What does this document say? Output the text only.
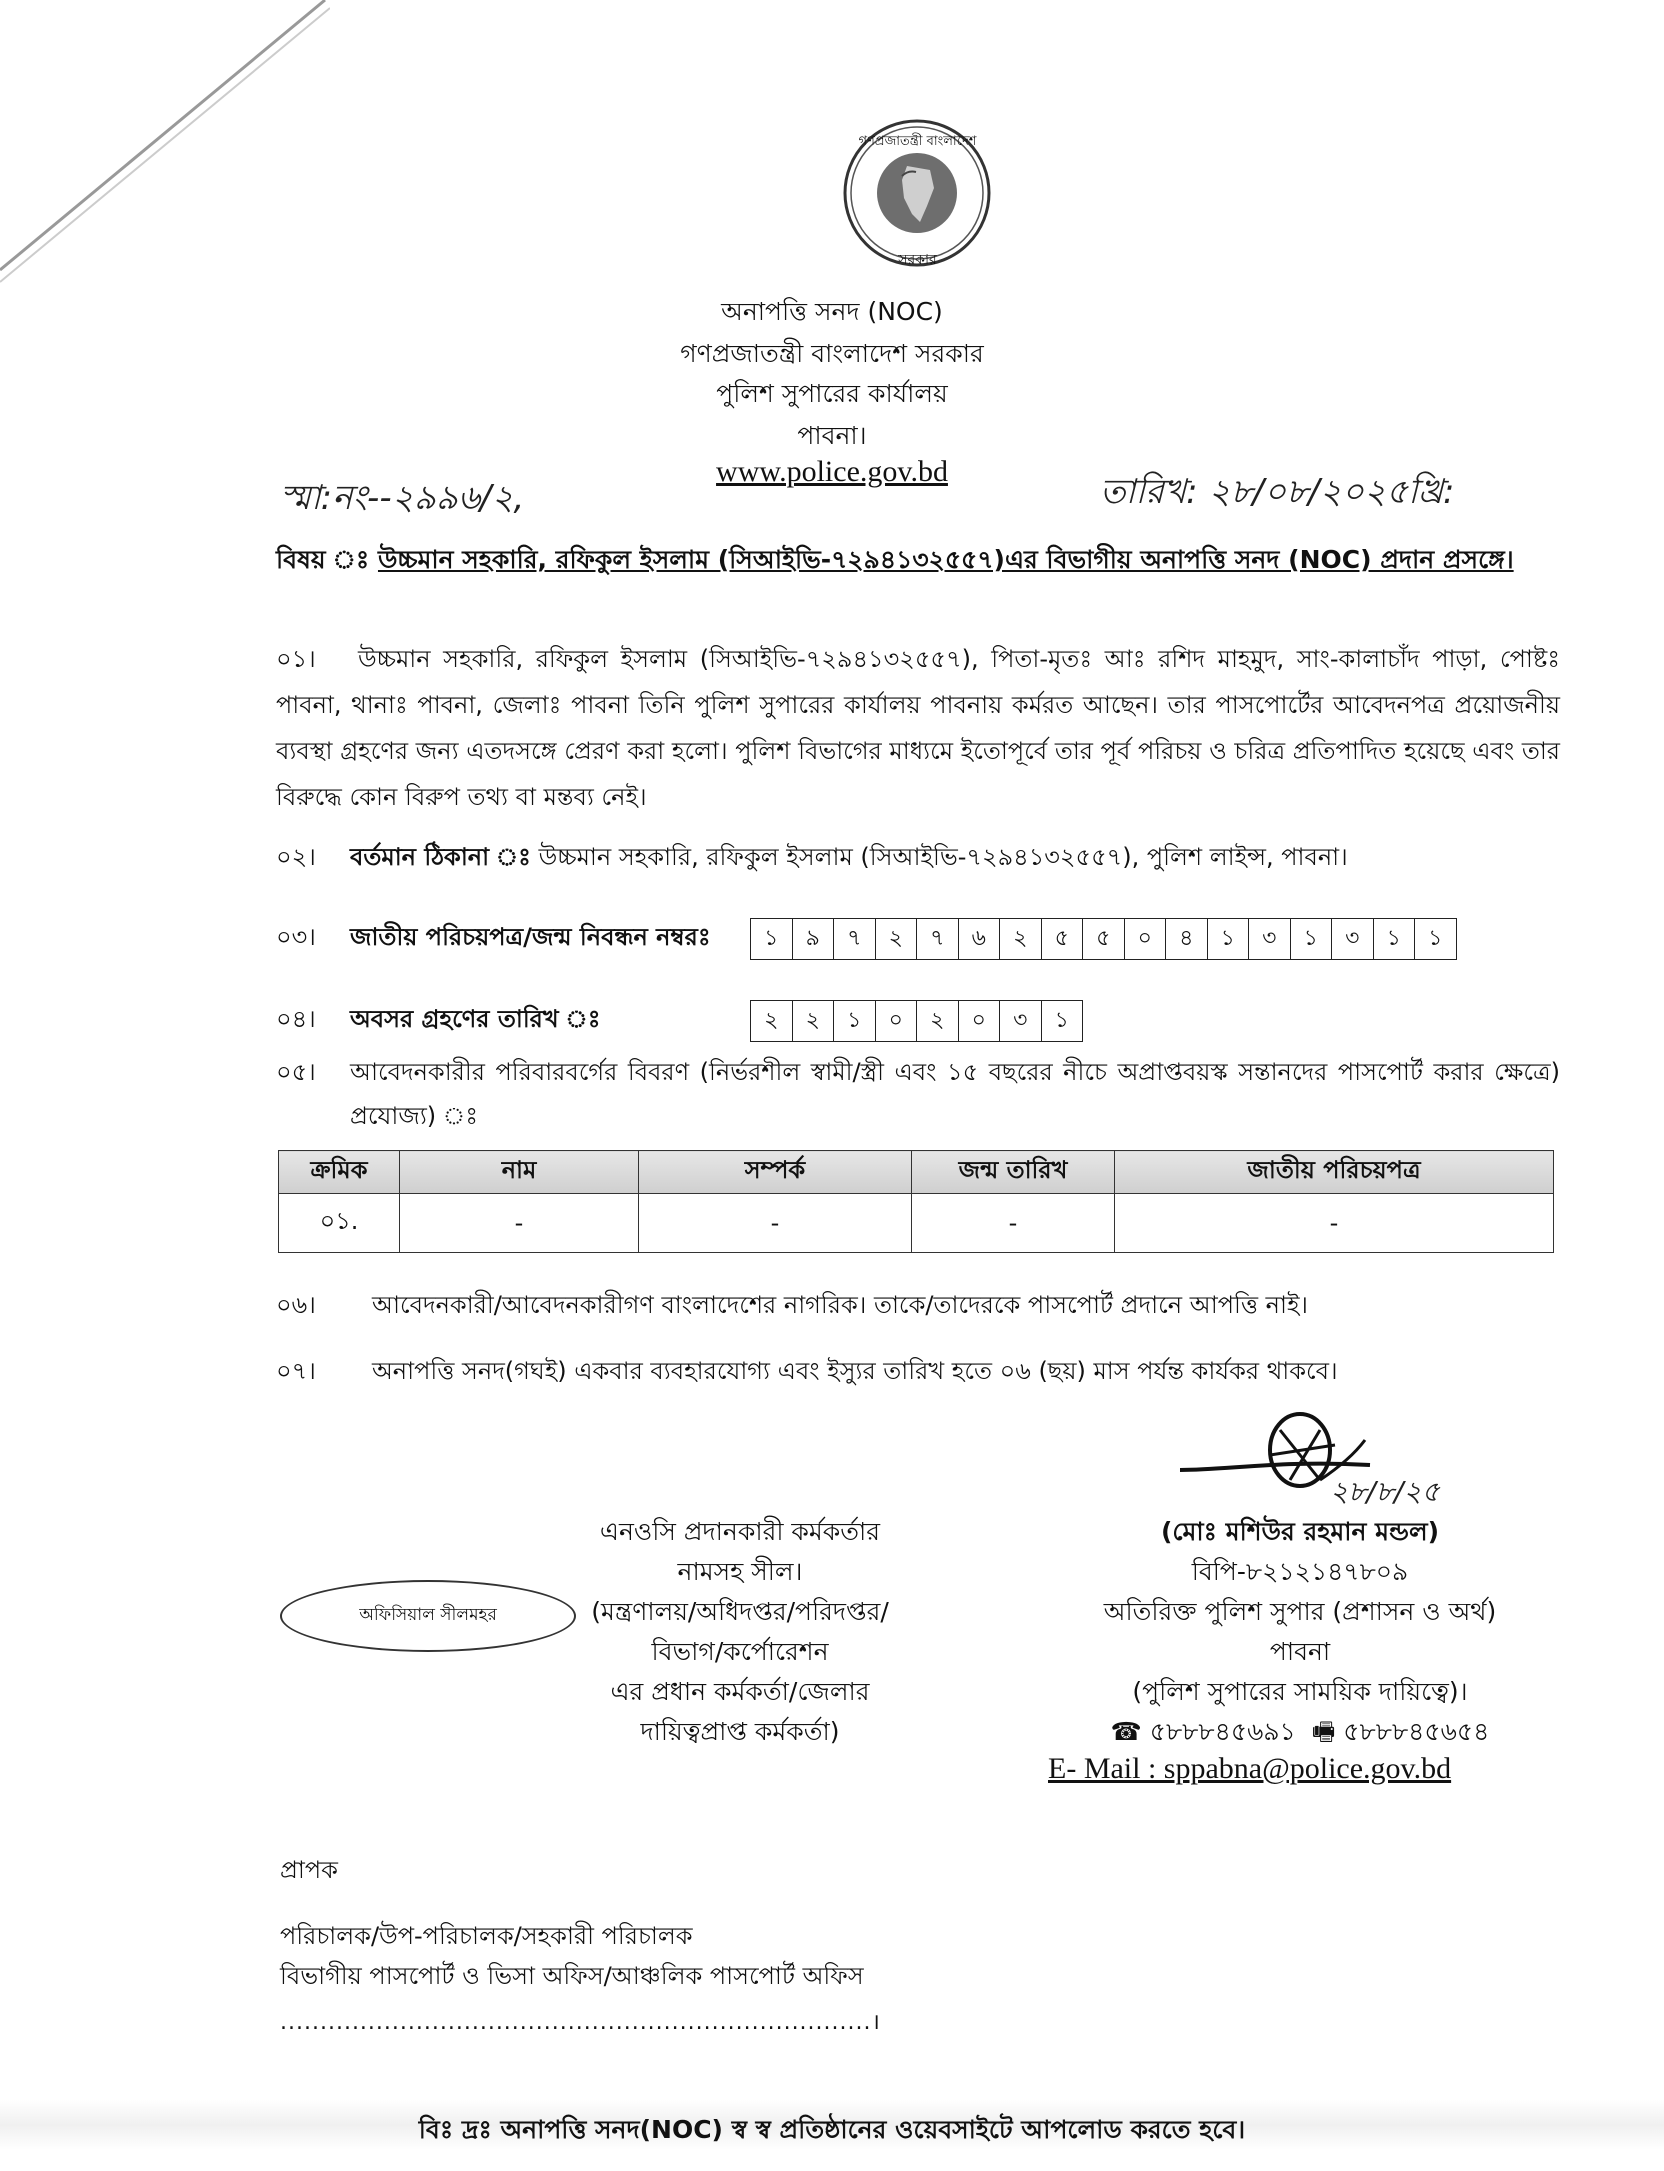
গণপ্রজাতন্ত্রী বাংলাদেশ
সরকার
অনাপত্তি সনদ (NOC)
গণপ্রজাতন্ত্রী বাংলাদেশ সরকার
পুলিশ সুপারের কার্যালয়
পাবনা।
www.police.gov.bd
স্মা:নং--২৯৯৬/২,	তারিখ: ২৮/০৮/২০২৫খ্রি:
বিষয় ঃ উচ্চমান সহকারি, রফিকুল ইসলাম (সিআইভি-৭২৯৪১৩২৫৫৭)এর বিভাগীয় অনাপত্তি সনদ (NOC) প্রদান প্রসঙ্গে।

০১। উচ্চমান সহকারি, রফিকুল ইসলাম (সিআইভি-৭২৯৪১৩২৫৫৭), পিতা-মৃতঃ আঃ রশিদ মাহমুদ, সাং-কালাচাঁদ পাড়া, পোষ্টঃ পাবনা, থানাঃ পাবনা, জেলাঃ পাবনা তিনি পুলিশ সুপারের কার্যালয় পাবনায় কর্মরত আছেন। তার পাসপোর্টের আবেদনপত্র প্রয়োজনীয় ব্যবস্থা গ্রহণের জন্য এতদসঙ্গে প্রেরণ করা হলো। পুলিশ বিভাগের মাধ্যমে ইতোপূর্বে তার পূর্ব পরিচয় ও চরিত্র প্রতিপাদিত হয়েছে এবং তার বিরুদ্ধে কোন বিরুপ তথ্য বা মন্তব্য নেই।

০২। বর্তমান ঠিকানা ঃ উচ্চমান সহকারি, রফিকুল ইসলাম (সিআইভি-৭২৯৪১৩২৫৫৭), পুলিশ লাইন্স, পাবনা।
০৩। জাতীয় পরিচয়পত্র/জন্ম নিবন্ধন নম্বরঃ	১	৯	৭	২	৭	৬	২	৫	৫	০	৪	১	৩	১	৩	১	১
০৪। অবসর গ্রহণের তারিখ ঃ	২	২	১	০	২	০	৩	১

০৫। আবেদনকারীর পরিবারবর্গের বিবরণ (নির্ভরশীল স্বামী/স্ত্রী এবং ১৫ বছরের নীচে অপ্রাপ্তবয়স্ক সন্তানদের পাসপোর্ট করার ক্ষেত্রে) প্রযোজ্য) ঃ

ক্রমিক	নাম	সম্পর্ক	জন্ম তারিখ	জাতীয় পরিচয়পত্র
০১.	-	-	-	-
০৬। আবেদনকারী/আবেদনকারীগণ বাংলাদেশের নাগরিক। তাকে/তাদেরকে পাসপোর্ট প্রদানে আপত্তি নাই।
০৭। অনাপত্তি সনদ(গঘই) একবার ব্যবহারযোগ্য এবং ইস্যুর তারিখ হতে ০৬ (ছয়) মাস পর্যন্ত কার্যকর থাকবে।
২৮/৮/২৫
এনওসি প্রদানকারী কর্মকর্তার
নামসহ সীল।
(মন্ত্রণালয়/অধিদপ্তর/পরিদপ্তর/
বিভাগ/কর্পোরেশন
এর প্রধান কর্মকর্তা/জেলার
দায়িত্বপ্রাপ্ত কর্মকর্তা)
অফিসিয়াল সীলমহর
(মোঃ মশিউর রহমান মন্ডল)
বিপি-৮২১২১৪৭৮০৯
অতিরিক্ত পুলিশ সুপার (প্রশাসন ও অর্থ)
পাবনা
(পুলিশ সুপারের সাময়িক দায়িত্বে)।
☎ ৫৮৮৮৪৫৬৯১ 🖷 ৫৮৮৮৪৫৬৫৪
E- Mail : sppabna@police.gov.bd
প্রাপক
পরিচালক/উপ-পরিচালক/সহকারী পরিচালক
বিভাগীয় পাসপোর্ট ও ভিসা অফিস/আঞ্চলিক পাসপোর্ট অফিস
..........................................................................।
বিঃ দ্রঃ অনাপত্তি সনদ(NOC) স্ব স্ব প্রতিষ্ঠানের ওয়েবসাইটে আপলোড করতে হবে।
